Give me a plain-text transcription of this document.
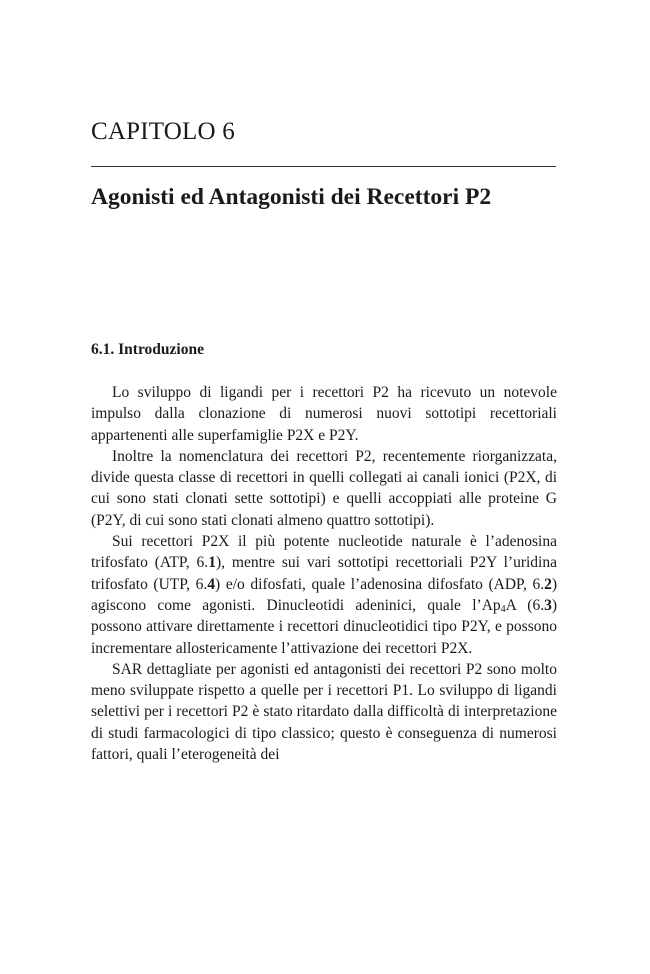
CAPITOLO 6
Agonisti ed Antagonisti dei Recettori P2
6.1. Introduzione

Lo sviluppo di ligandi per i recettori P2 ha ricevuto un notevole impulso dalla clonazione di numerosi nuovi sottotipi recettoriali appartenenti alle superfamiglie P2X e P2Y.

Inoltre la nomenclatura dei recettori P2, recentemente riorganizzata, divide questa classe di recettori in quelli collegati ai canali ionici (P2X, di cui sono stati clonati sette sottotipi) e quelli accoppiati alle proteine G (P2Y, di cui sono stati clonati almeno quattro sottotipi).

Sui recettori P2X il più potente nucleotide naturale è l’adenosina trifosfato (ATP, 6.1), mentre sui vari sottotipi recettoriali P2Y l’uridina trifosfato (UTP, 6.4) e/o difosfati, quale l’adenosina difosfato (ADP, 6.2) agiscono come agonisti. Dinucleotidi adeninici, quale $l’Ap_4A$ (6.3) possono attivare direttamente i recettori dinucleotidici tipo P2Y, e possono incrementare allostericamente l’attivazione dei recettori P2X.

SAR dettagliate per agonisti ed antagonisti dei recettori P2 sono molto meno sviluppate rispetto a quelle per i recettori P1. Lo sviluppo di ligandi selettivi per i recettori P2 è stato ritardato dalla difficoltà di interpretazione di studi farmacologici di tipo classico; questo è conseguenza di numerosi fattori, quali l’eterogeneità dei
